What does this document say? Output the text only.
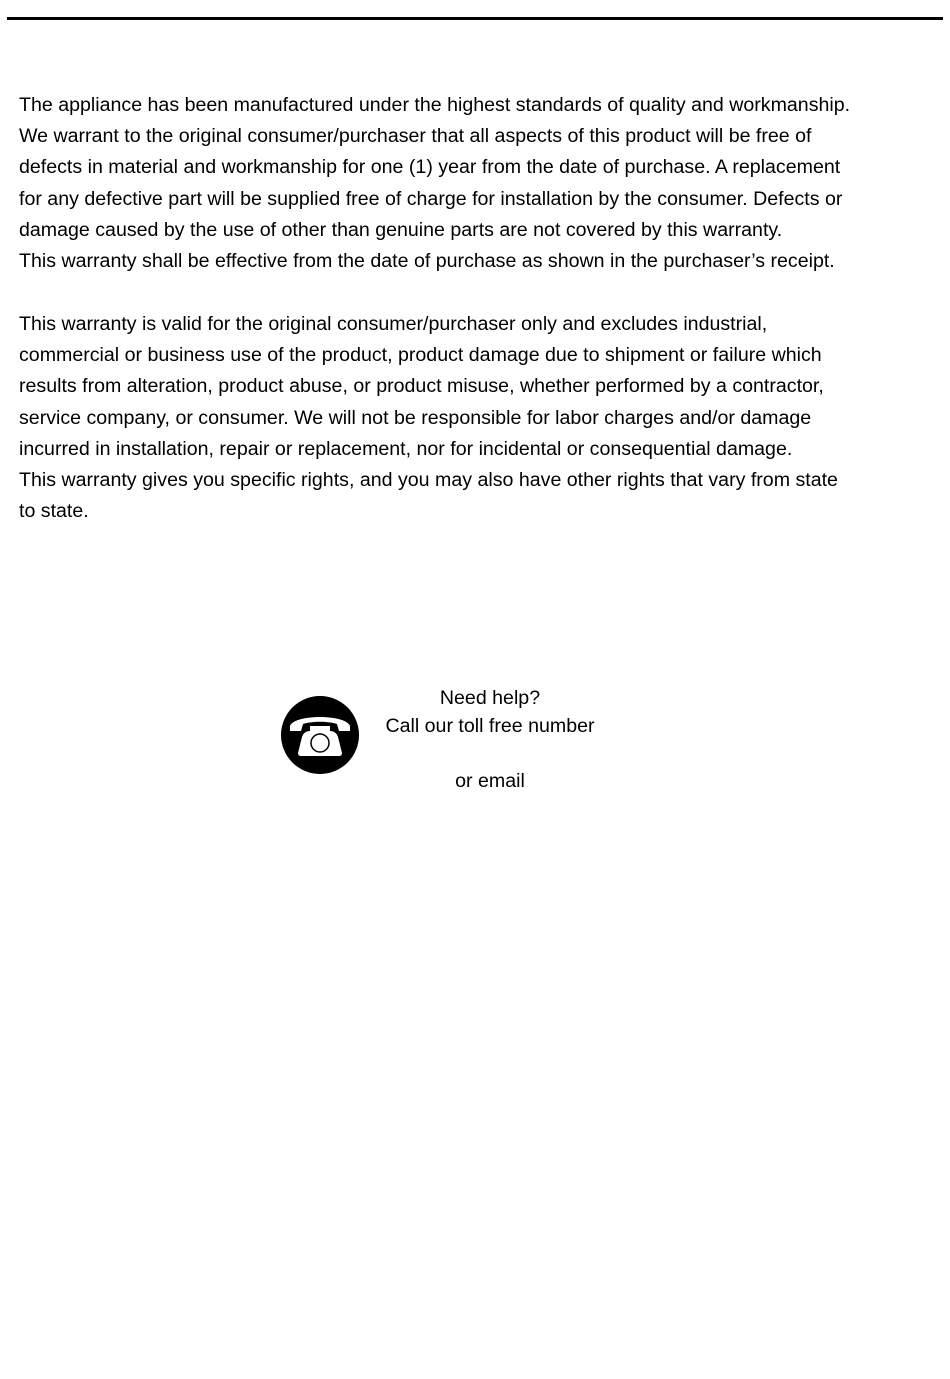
The appliance has been manufactured under the highest standards of quality and workmanship.
We warrant to the original consumer/purchaser that all aspects of this product will be free of
defects in material and workmanship for one (1) year from the date of purchase. A replacement
for any defective part will be supplied free of charge for installation by the consumer. Defects or
damage caused by the use of other than genuine parts are not covered by this warranty.
This warranty shall be effective from the date of purchase as shown in the purchaser’s receipt.
This warranty is valid for the original consumer/purchaser only and excludes industrial,
commercial or business use of the product, product damage due to shipment or failure which
results from alteration, product abuse, or product misuse, whether performed by a contractor,
service company, or consumer. We will not be responsible for labor charges and/or damage
incurred in installation, repair or replacement, nor for incidental or consequential damage.
This warranty gives you specific rights, and you may also have other rights that vary from state
to state.
Need help?
Call our toll free number
or email
